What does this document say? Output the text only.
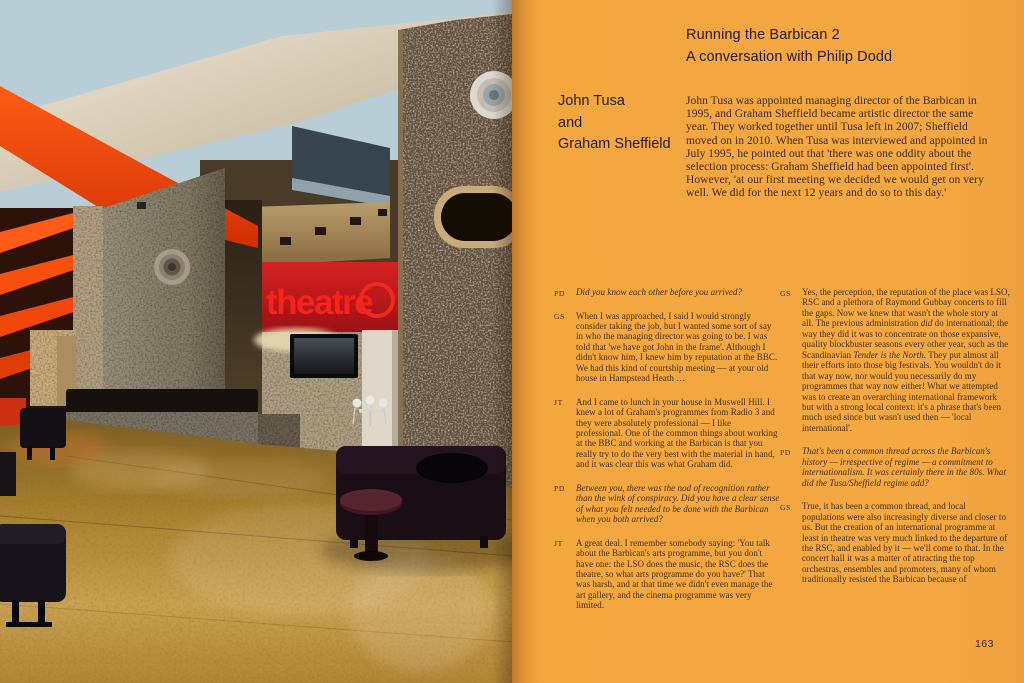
theatre
Running the Barbican 2
A conversation with Philip Dodd
John Tusa
and
Graham Sheffield
John Tusa was appointed managing director of the Barbican in 1995, and Graham Sheffield became artistic director the same year. They worked together until Tusa left in 2007; Sheffield moved on in 2010. When Tusa was interviewed and appointed in July 1995, he pointed out that 'there was one oddity about the selection process: Graham Sheffield had been appointed first'. However, 'at our first meeting we decided we would get on very well. We did for the next 12 years and do so to this day.'
PD	Did you know each other before you arrived?
GS	When I was approached, I said I would strongly consider taking the job, but I wanted some sort of say in who the managing director was going to be. I was told that 'we have got John in the frame'. Although I didn't know him, I knew him by reputation at the BBC. We had this kind of courtship meeting — at your old house in Hampstead Heath …
JT	And I came to lunch in your house in Muswell Hill. I knew a lot of Graham's programmes from Radio 3 and they were absolutely professional — I like professional. One of the common things about working at the BBC and working at the Barbican is that you really try to do the very best with the material in hand, and it was clear this was what Graham did.
PD	Between you, there was the nod of recognition rather than the wink of conspiracy. Did you have a clear sense of what you felt needed to be done with the Barbican when you both arrived?
JT	A great deal. I remember somebody saying: 'You talk about the Barbican's arts programme, but you don't have one: the LSO does the music, the RSC does the theatre, so what arts programme do you have?' That was harsh, and at that time we didn't even manage the art gallery, and the cinema programme was very limited.
GS	Yes, the perception, the reputation of the place was LSO, RSC and a plethora of Raymond Gubbay concerts to fill the gaps. Now we knew that wasn't the whole story at all. The previous administration did do international; the way they did it was to concentrate on those expansive, quality blockbuster seasons every other year, such as the Scandinavian Tender is the North. They put almost all their efforts into those big festivals. You wouldn't do it that way now, nor would you necessarily do my programmes that way now either! What we attempted was to create an overarching international framework but with a strong local context: it's a phrase that's been much used since but wasn't used then — 'local international'.
PD	That's been a common thread across the Barbican's history — irrespective of regime — a commitment to internationalism. It was certainly there in the 80s. What did the Tusa/Sheffield regime add?
GS	True, it has been a common thread, and local populations were also increasingly diverse and closer to us. But the creation of an international programme at least in theatre was very much linked to the departure of the RSC, and enabled by it — we'll come to that. In the concert hall it was a matter of attracting the top orchestras, ensembles and promoters, many of whom traditionally resisted the Barbican because of
163
